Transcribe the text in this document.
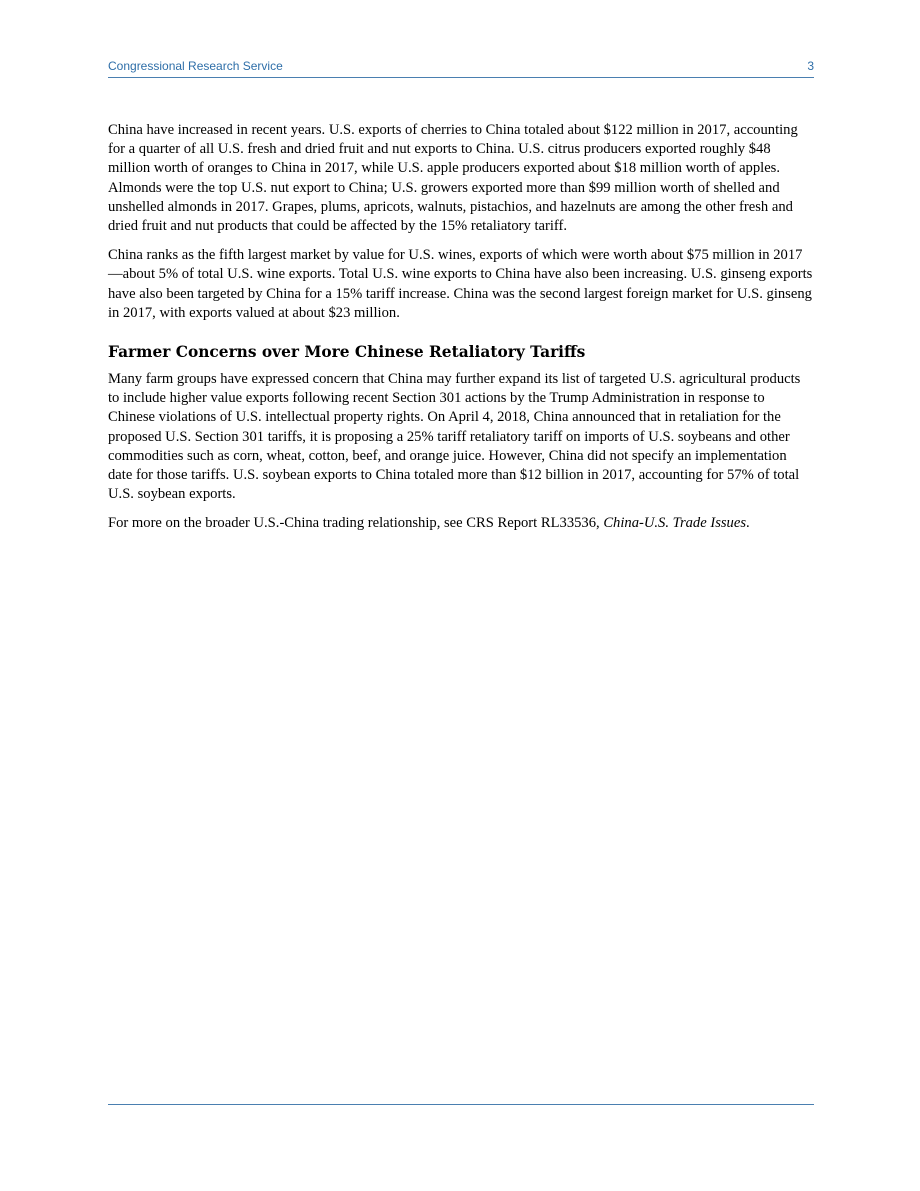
Congressional Research Service	3

China have increased in recent years. U.S. exports of cherries to China totaled about $122 million in 2017, accounting for a quarter of all U.S. fresh and dried fruit and nut exports to China. U.S. citrus producers exported roughly $48 million worth of oranges to China in 2017, while U.S. apple producers exported about $18 million worth of apples. Almonds were the top U.S. nut export to China; U.S. growers exported more than $99 million worth of shelled and unshelled almonds in 2017. Grapes, plums, apricots, walnuts, pistachios, and hazelnuts are among the other fresh and dried fruit and nut products that could be affected by the 15% retaliatory tariff.

China ranks as the fifth largest market by value for U.S. wines, exports of which were worth about $75 million in 2017—about 5% of total U.S. wine exports. Total U.S. wine exports to China have also been increasing. U.S. ginseng exports have also been targeted by China for a 15% tariff increase. China was the second largest foreign market for U.S. ginseng in 2017, with exports valued at about $23 million.

Farmer Concerns over More Chinese Retaliatory Tariffs

Many farm groups have expressed concern that China may further expand its list of targeted U.S. agricultural products to include higher value exports following recent Section 301 actions by the Trump Administration in response to Chinese violations of U.S. intellectual property rights. On April 4, 2018, China announced that in retaliation for the proposed U.S. Section 301 tariffs, it is proposing a 25% tariff retaliatory tariff on imports of U.S. soybeans and other commodities such as corn, wheat, cotton, beef, and orange juice. However, China did not specify an implementation date for those tariffs. U.S. soybean exports to China totaled more than $12 billion in 2017, accounting for 57% of total U.S. soybean exports.

For more on the broader U.S.-China trading relationship, see CRS Report RL33536, China-U.S. Trade Issues.
